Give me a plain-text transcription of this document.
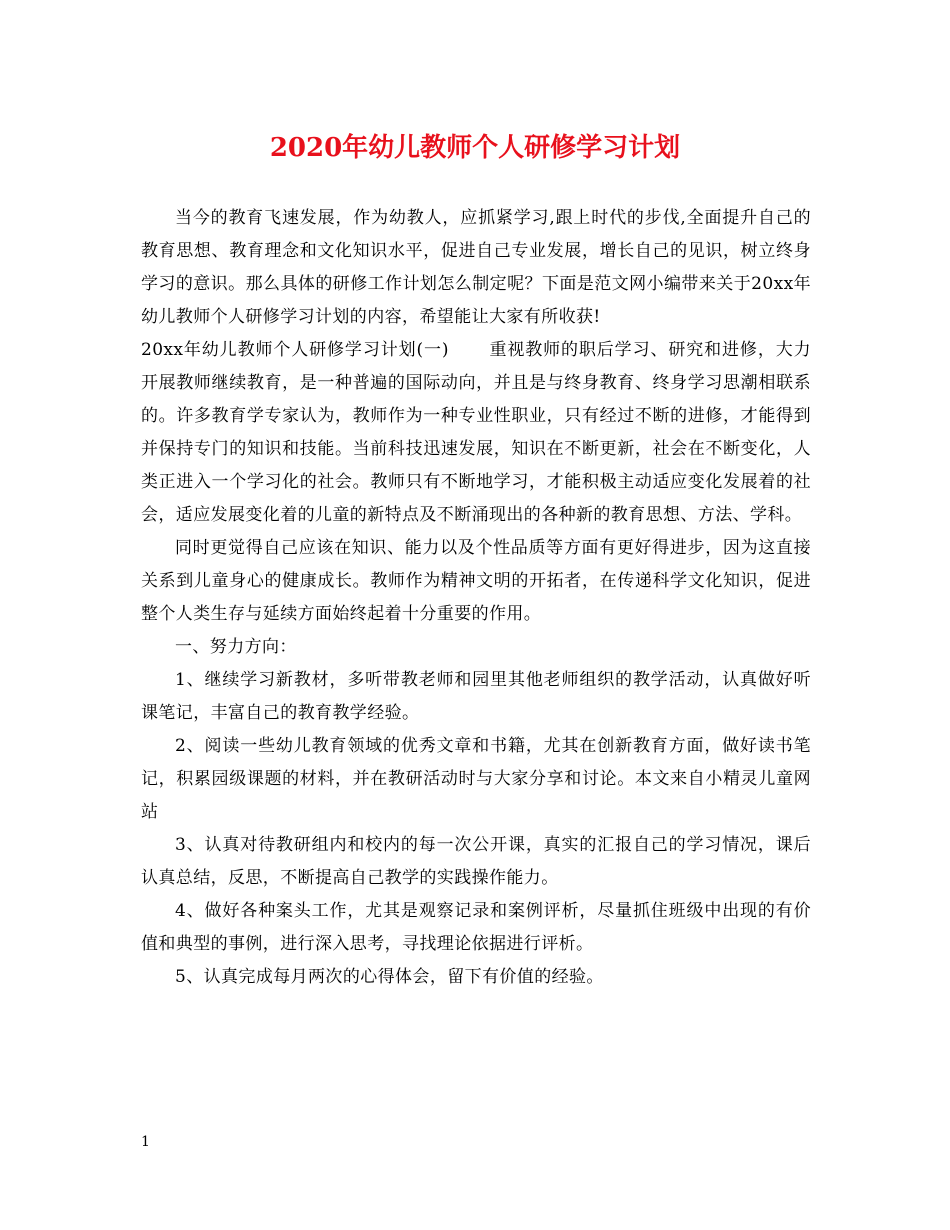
2020年幼儿教师个人研修学习计划

当今的教育飞速发展，作为幼教人，应抓紧学习,跟上时代的步伐,全面提升自己的教育思想、教育理念和文化知识水平，促进自己专业发展，增长自己的见识，树立终身学习的意识。那么具体的研修工作计划怎么制定呢？下面是范文网小编带来关于20xx年幼儿教师个人研修学习计划的内容，希望能让大家有所收获!

20xx年幼儿教师个人研修学习计划(一) 重视教师的职后学习、研究和进修，大力开展教师继续教育，是一种普遍的国际动向，并且是与终身教育、终身学习思潮相联系的。许多教育学专家认为，教师作为一种专业性职业，只有经过不断的进修，才能得到并保持专门的知识和技能。当前科技迅速发展，知识在不断更新，社会在不断变化，人类正进入一个学习化的社会。教师只有不断地学习，才能积极主动适应变化发展着的社会，适应发展变化着的儿童的新特点及不断涌现出的各种新的教育思想、方法、学科。

同时更觉得自己应该在知识、能力以及个性品质等方面有更好得进步，因为这直接关系到儿童身心的健康成长。教师作为精神文明的开拓者，在传递科学文化知识，促进整个人类生存与延续方面始终起着十分重要的作用。

一、努力方向：

1、继续学习新教材，多听带教老师和园里其他老师组织的教学活动，认真做好听课笔记，丰富自己的教育教学经验。

2、阅读一些幼儿教育领域的优秀文章和书籍，尤其在创新教育方面，做好读书笔记，积累园级课题的材料，并在教研活动时与大家分享和讨论。本文来自小精灵儿童网站

3、认真对待教研组内和校内的每一次公开课，真实的汇报自己的学习情况，课后认真总结，反思，不断提高自己教学的实践操作能力。

4、做好各种案头工作，尤其是观察记录和案例评析，尽量抓住班级中出现的有价值和典型的事例，进行深入思考，寻找理论依据进行评析。

5、认真完成每月两次的心得体会，留下有价值的经验。

1
